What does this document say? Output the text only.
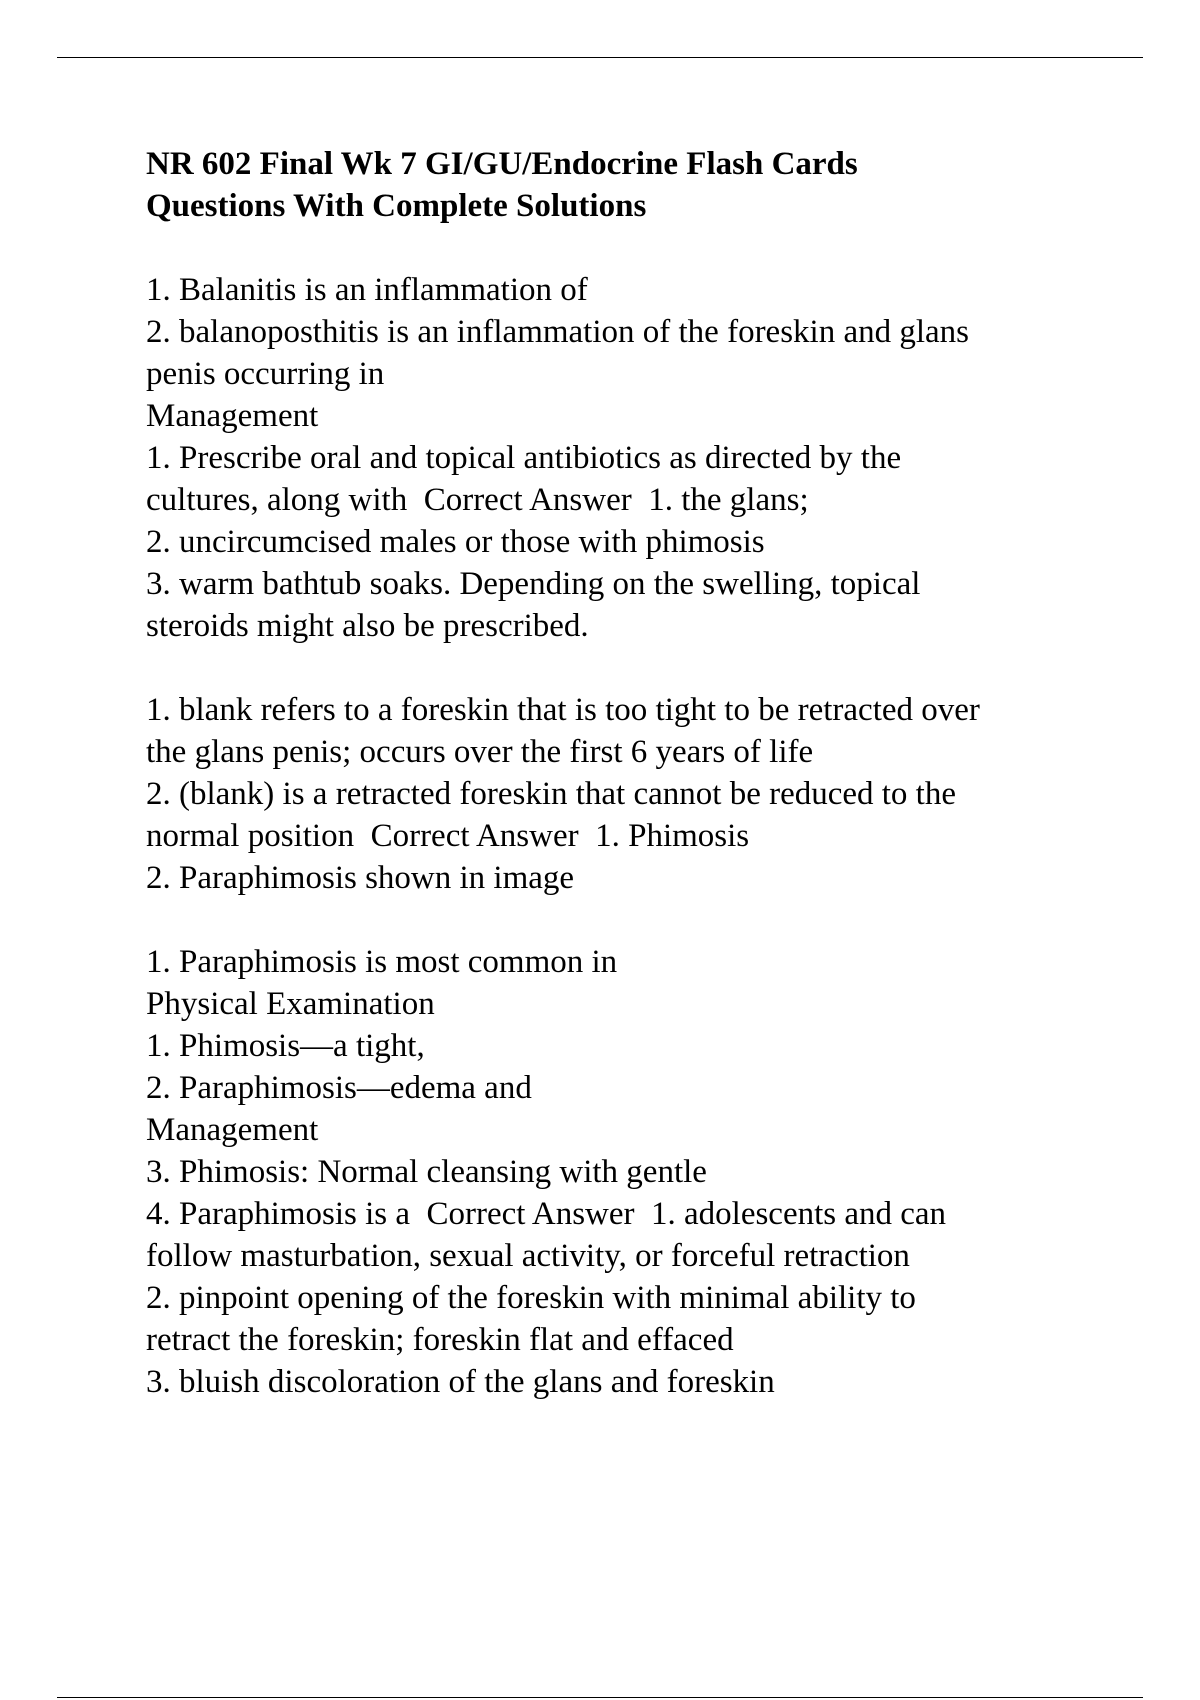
NR 602 Final Wk 7 GI/GU/Endocrine Flash Cards
Questions With Complete Solutions
1. Balanitis is an inflammation of
2. balanoposthitis is an inflammation of the foreskin and glans
penis occurring in
Management
1. Prescribe oral and topical antibiotics as directed by the
cultures, along with  Correct Answer  1. the glans;
2. uncircumcised males or those with phimosis
3. warm bathtub soaks. Depending on the swelling, topical
steroids might also be prescribed.
1. blank refers to a foreskin that is too tight to be retracted over
the glans penis; occurs over the first 6 years of life
2. (blank) is a retracted foreskin that cannot be reduced to the
normal position  Correct Answer  1. Phimosis
2. Paraphimosis shown in image
1. Paraphimosis is most common in
Physical Examination
1. Phimosis—a tight,
2. Paraphimosis—edema and
Management
3. Phimosis: Normal cleansing with gentle
4. Paraphimosis is a  Correct Answer  1. adolescents and can
follow masturbation, sexual activity, or forceful retraction
2. pinpoint opening of the foreskin with minimal ability to
retract the foreskin; foreskin flat and effaced
3. bluish discoloration of the glans and foreskin
